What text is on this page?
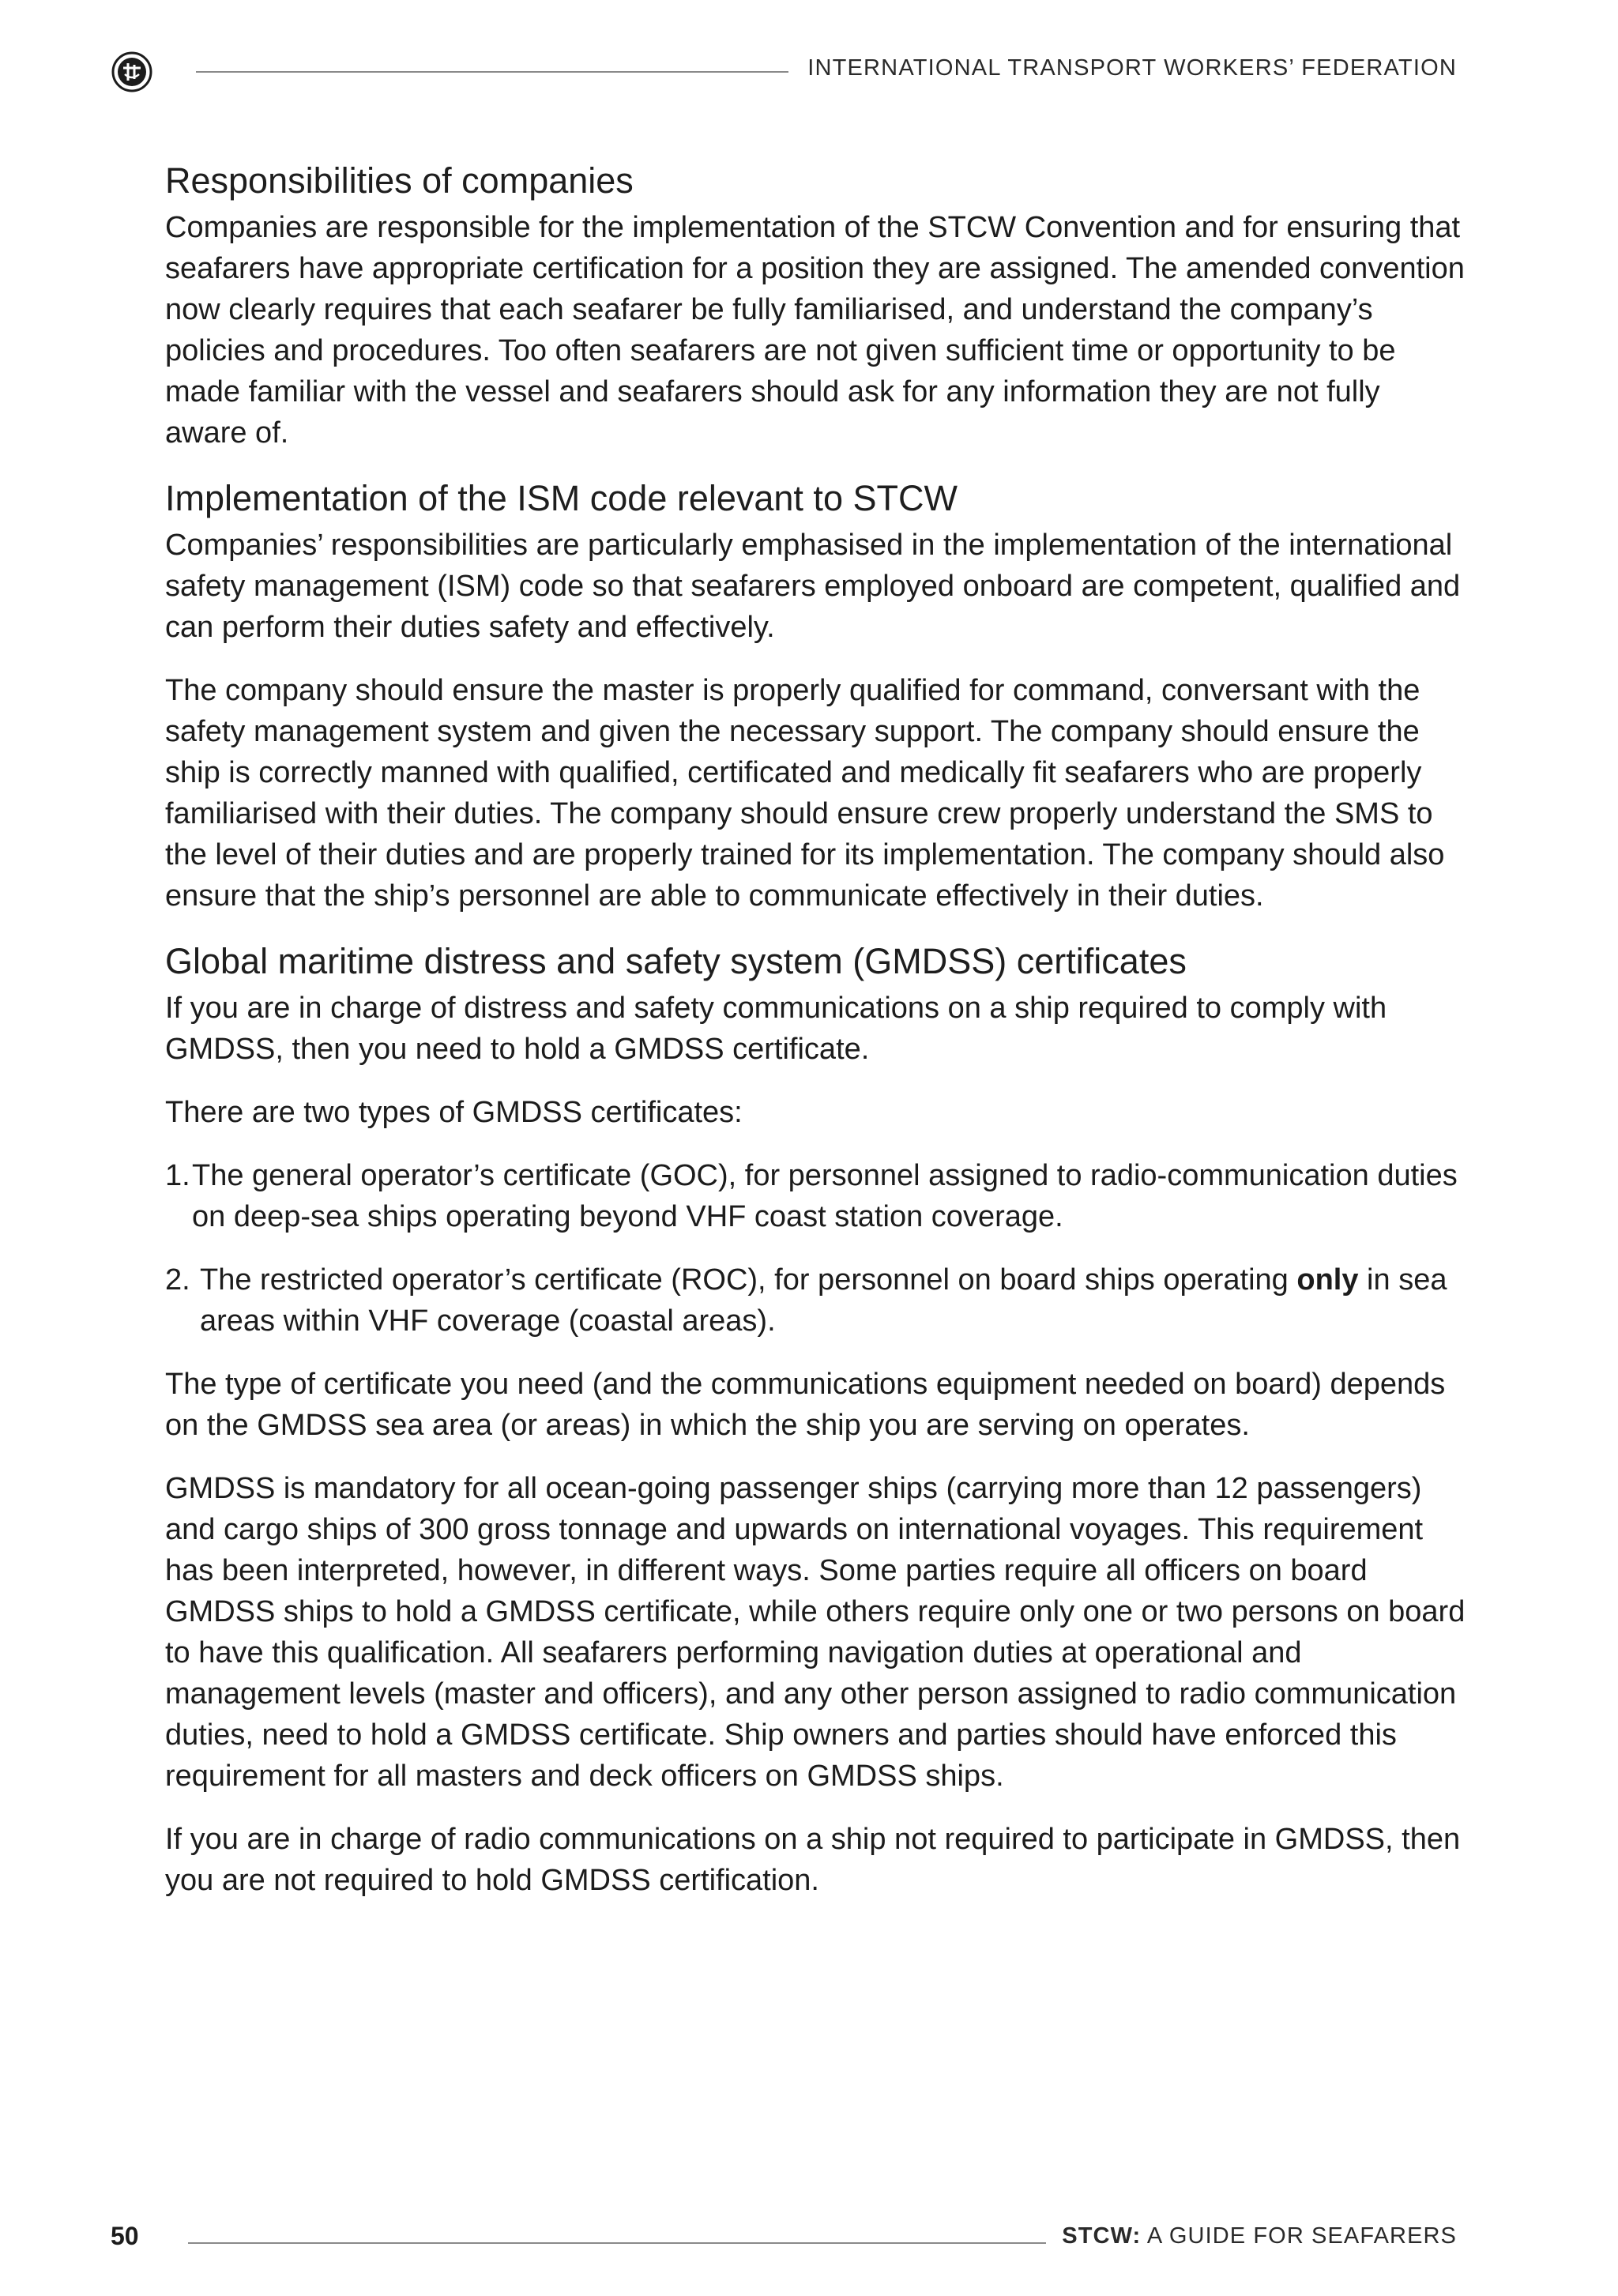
INTERNATIONAL TRANSPORT WORKERS’ FEDERATION
Responsibilities of companies

Companies are responsible for the implementation of the STCW Convention and for ensuring that seafarers have appropriate certification for a position they are assigned. The amended convention now clearly requires that each seafarer be fully familiarised, and understand the company’s policies and procedures. Too often seafarers are not given sufficient time or opportunity to be made familiar with the vessel and seafarers should ask for any information they are not fully aware of.

Implementation of the ISM code relevant to STCW

Companies’ responsibilities are particularly emphasised in the implementation of the international safety management (ISM) code so that seafarers employed onboard are competent, qualified and can perform their duties safety and effectively.

The company should ensure the master is properly qualified for command, conversant with the safety management system and given the necessary support. The company should ensure the ship is correctly manned with qualified, certificated and medically fit seafarers who are properly familiarised with their duties. The company should ensure crew properly understand the SMS to the level of their duties and are properly trained for its implementation. The company should also ensure that the ship’s personnel are able to communicate effectively in their duties.

Global maritime distress and safety system (GMDSS) certificates

If you are in charge of distress and safety communications on a ship required to comply with GMDSS, then you need to hold a GMDSS certificate.

There are two types of GMDSS certificates:

1. The general operator’s certificate (GOC), for personnel assigned to radio-communication duties on deep-sea ships operating beyond VHF coast station coverage.
2. The restricted operator’s certificate (ROC), for personnel on board ships operating only in sea areas within VHF coverage (coastal areas).

The type of certificate you need (and the communications equipment needed on board) depends on the GMDSS sea area (or areas) in which the ship you are serving on operates.

GMDSS is mandatory for all ocean-going passenger ships (carrying more than 12 passengers) and cargo ships of 300 gross tonnage and upwards on international voyages. This requirement has been interpreted, however, in different ways. Some parties require all officers on board GMDSS ships to hold a GMDSS certificate, while others require only one or two persons on board to have this qualification. All seafarers performing navigation duties at operational and management levels (master and officers), and any other person assigned to radio communication duties, need to hold a GMDSS certificate. Ship owners and parties should have enforced this requirement for all masters and deck officers on GMDSS ships.

If you are in charge of radio communications on a ship not required to participate in GMDSS, then you are not required to hold GMDSS certification.

50	STCW: A GUIDE FOR SEAFARERS
